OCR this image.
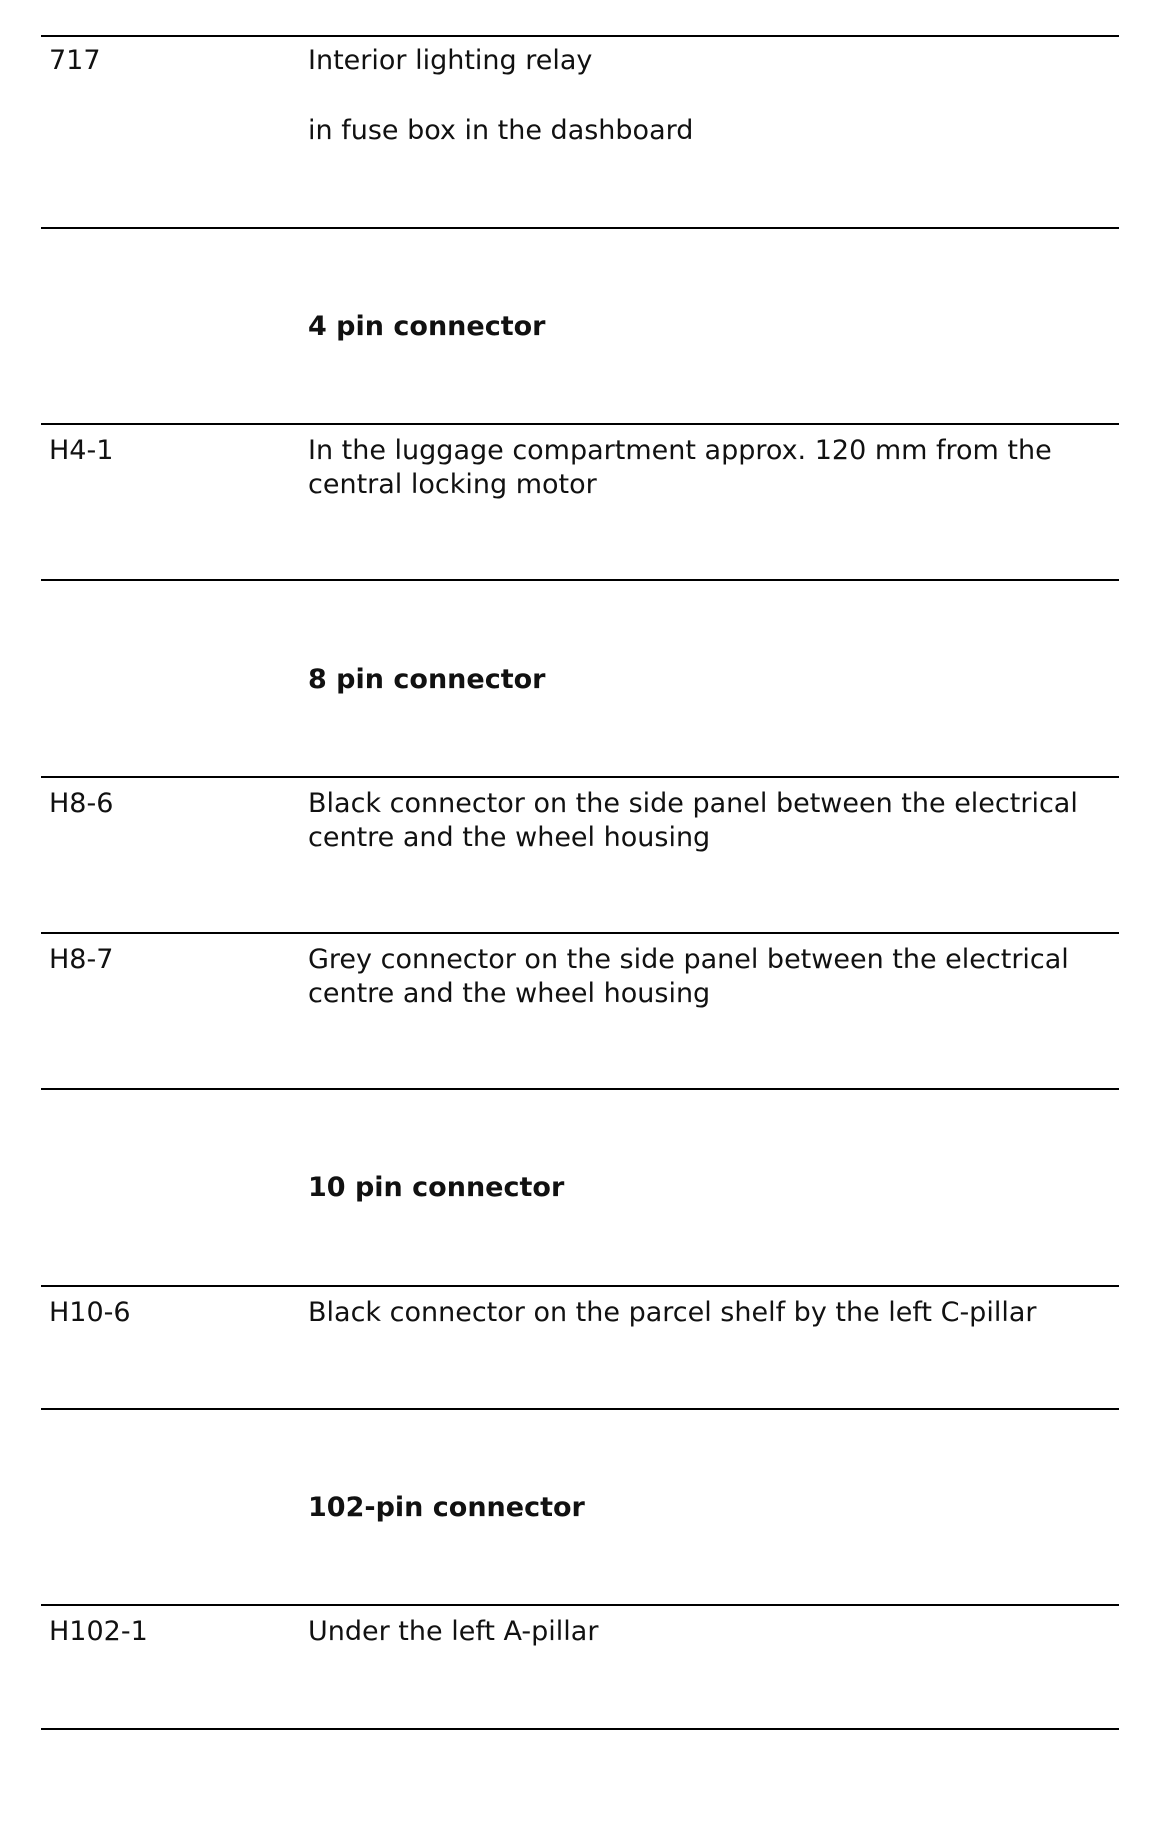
717	Interior lighting relay
in fuse box in the dashboard
4 pin connector
H4-1	In the luggage compartment approx. 120 mm from the central locking motor
8 pin connector
H8-6	Black connector on the side panel between the electrical centre and the wheel housing
H8-7	Grey connector on the side panel between the electrical centre and the wheel housing
10 pin connector
H10-6	Black connector on the parcel shelf by the left C-pillar
102-pin connector
H102-1	Under the left A-pillar
